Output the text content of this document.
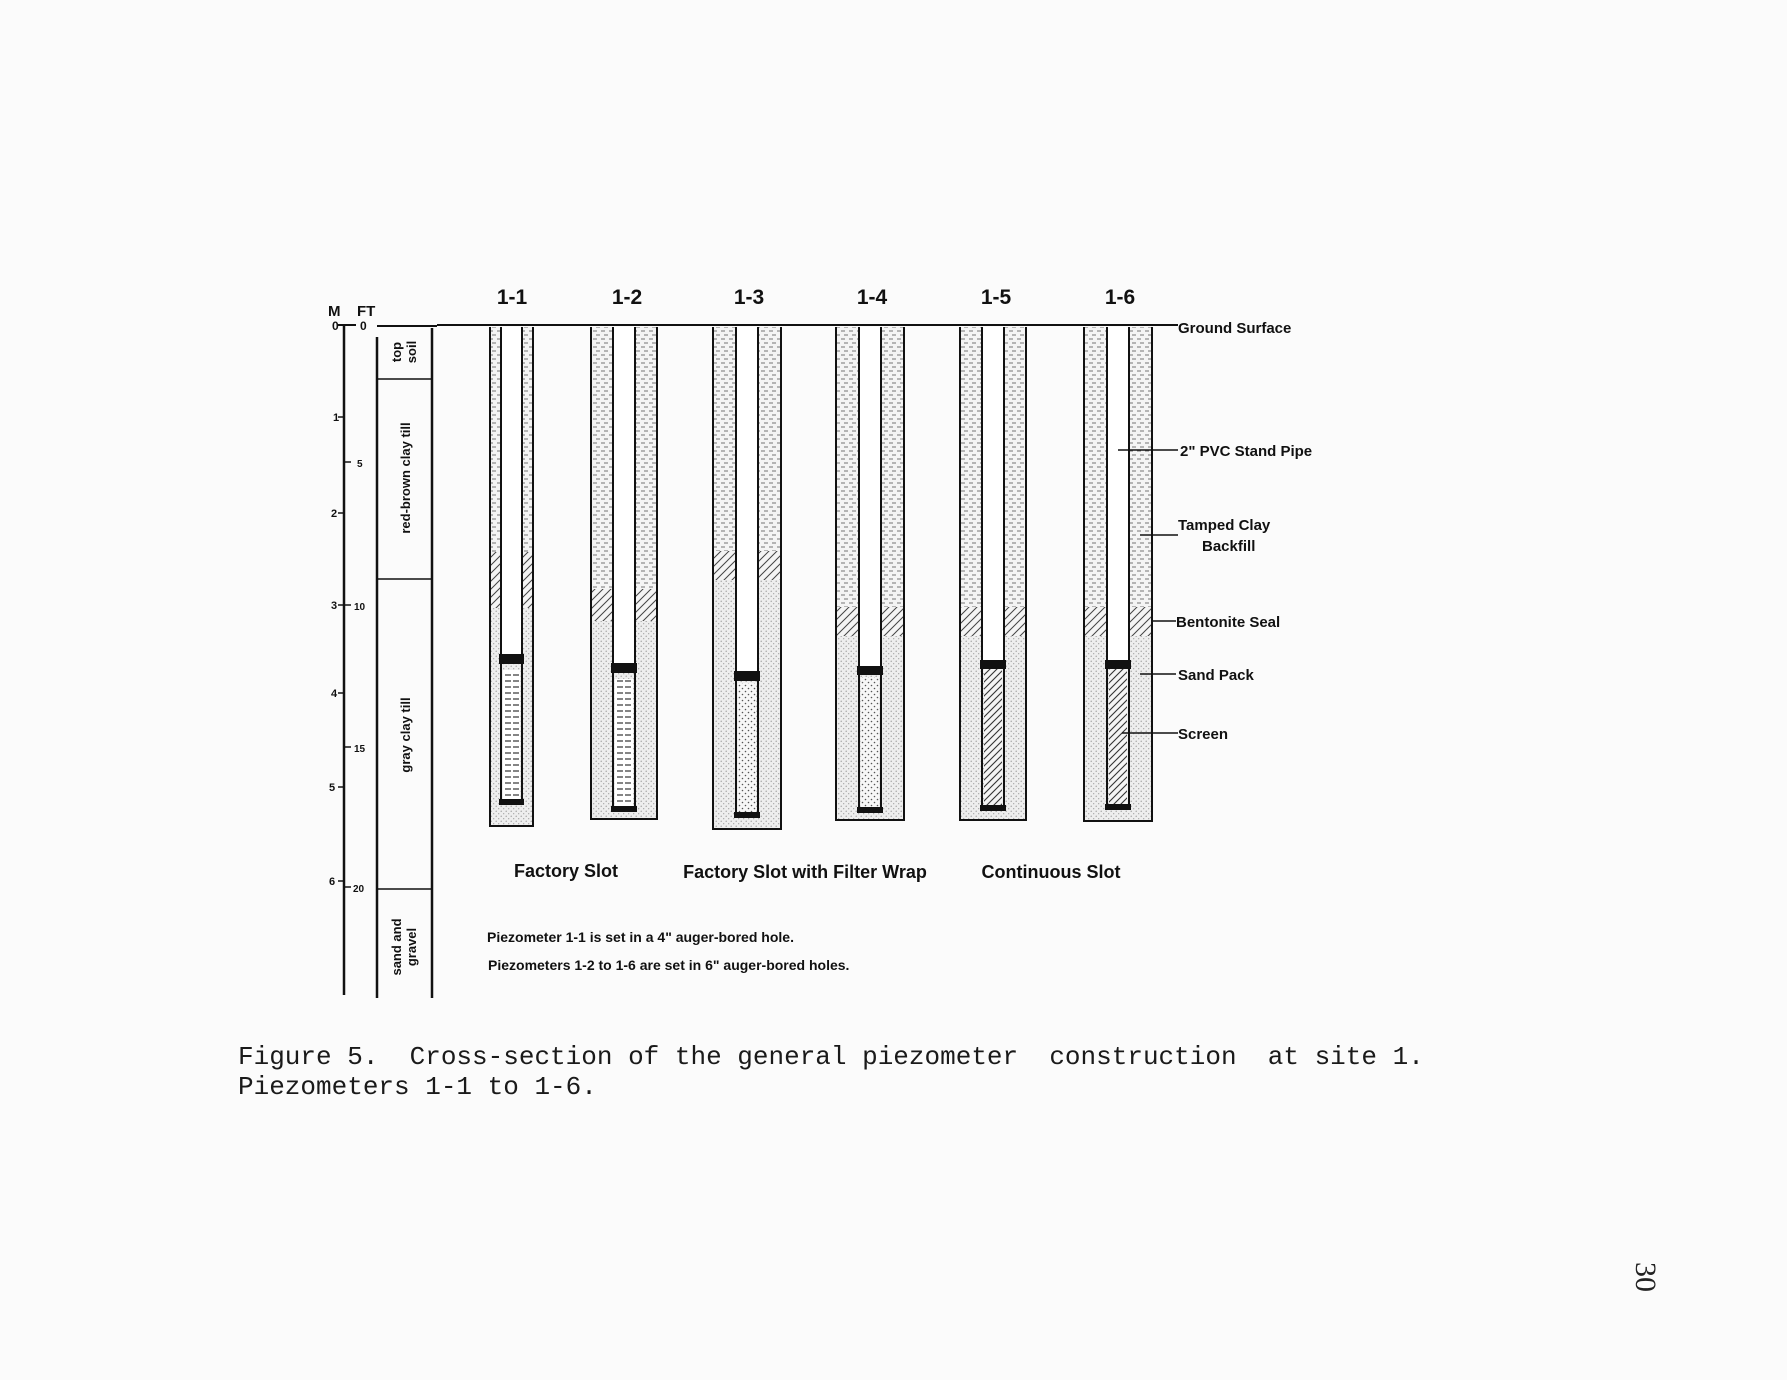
M FT
0
1
2
3
4
5
6
0
5
10
15
20
top soil
red-brown clay till
gray clay till
sand and gravel
1-1	1-2	1-3	1-4	1-5	1-6
Ground Surface
2" PVC Stand Pipe
Tamped Clay
Backfill
Bentonite Seal
Sand Pack
Screen
Factory Slot	Factory Slot with Filter Wrap	Continuous Slot
Piezometer 1-1 is set in a 4" auger-bored hole.
Piezometers 1-2 to 1-6 are set in 6" auger-bored holes.
Figure 5.  Cross-section of the general piezometer  construction  at site 1.
Piezometers 1-1 to 1-6.
30
